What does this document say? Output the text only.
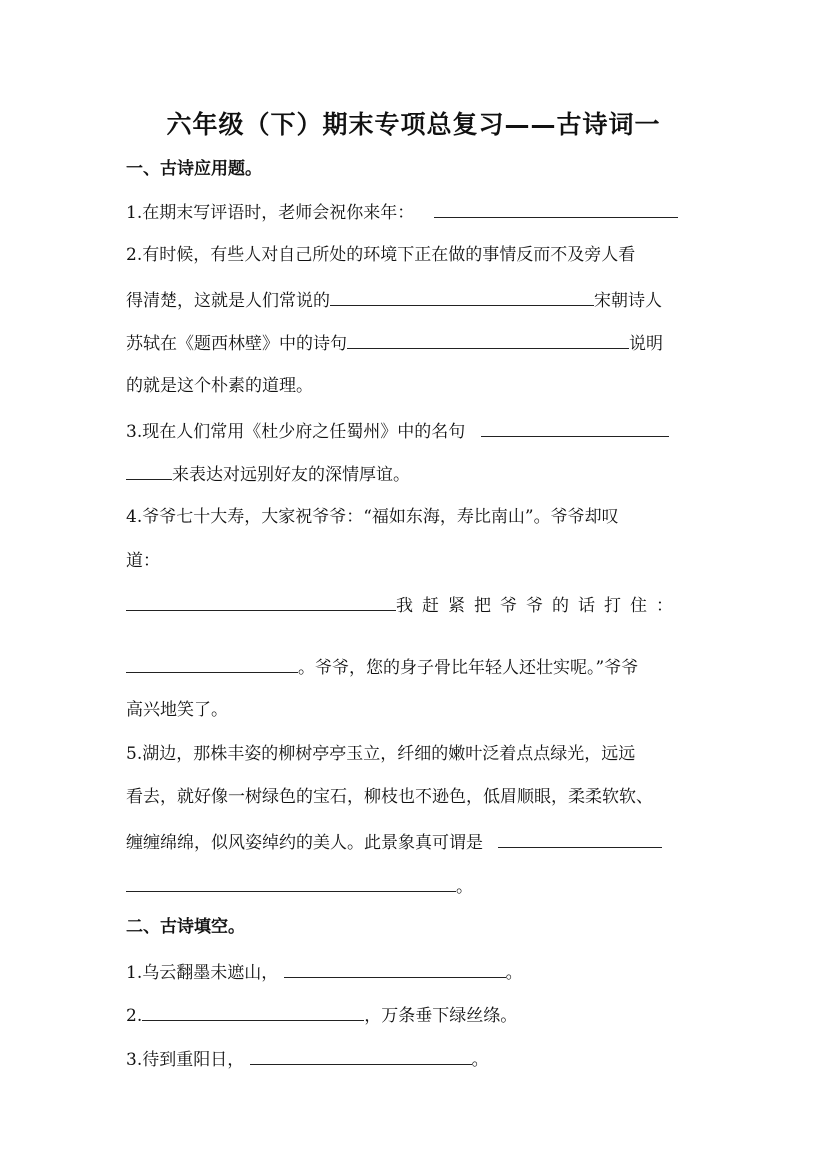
六年级（下）期末专项总复习——古诗词一
一、古诗应用题。
1.在期末写评语时，老师会祝你来年：
2.有时候，有些人对自己所处的环境下正在做的事情反而不及旁人看
得清楚，这就是人们常说的	宋朝诗人
苏轼在《题西林壁》中的诗句	说明
的就是这个朴素的道理。
3.现在人们常用《杜少府之任蜀州》中的名句
来表达对远别好友的深情厚谊。
4.爷爷七十大寿，大家祝爷爷：“福如东海，寿比南山”。爷爷却叹
道：
我赶紧把爷爷的话打住：
。爷爷，您的身子骨比年轻人还壮实呢。”爷爷
高兴地笑了。
5.湖边，那株丰姿的柳树亭亭玉立，纤细的嫩叶泛着点点绿光，远远
看去，就好像一树绿色的宝石，柳枝也不逊色，低眉顺眼，柔柔软软、
缠缠绵绵，似风姿绰约的美人。此景象真可谓是
。
二、古诗填空。
1.乌云翻墨未遮山，	。
2.	，万条垂下绿丝绦。
3.待到重阳日，	。
